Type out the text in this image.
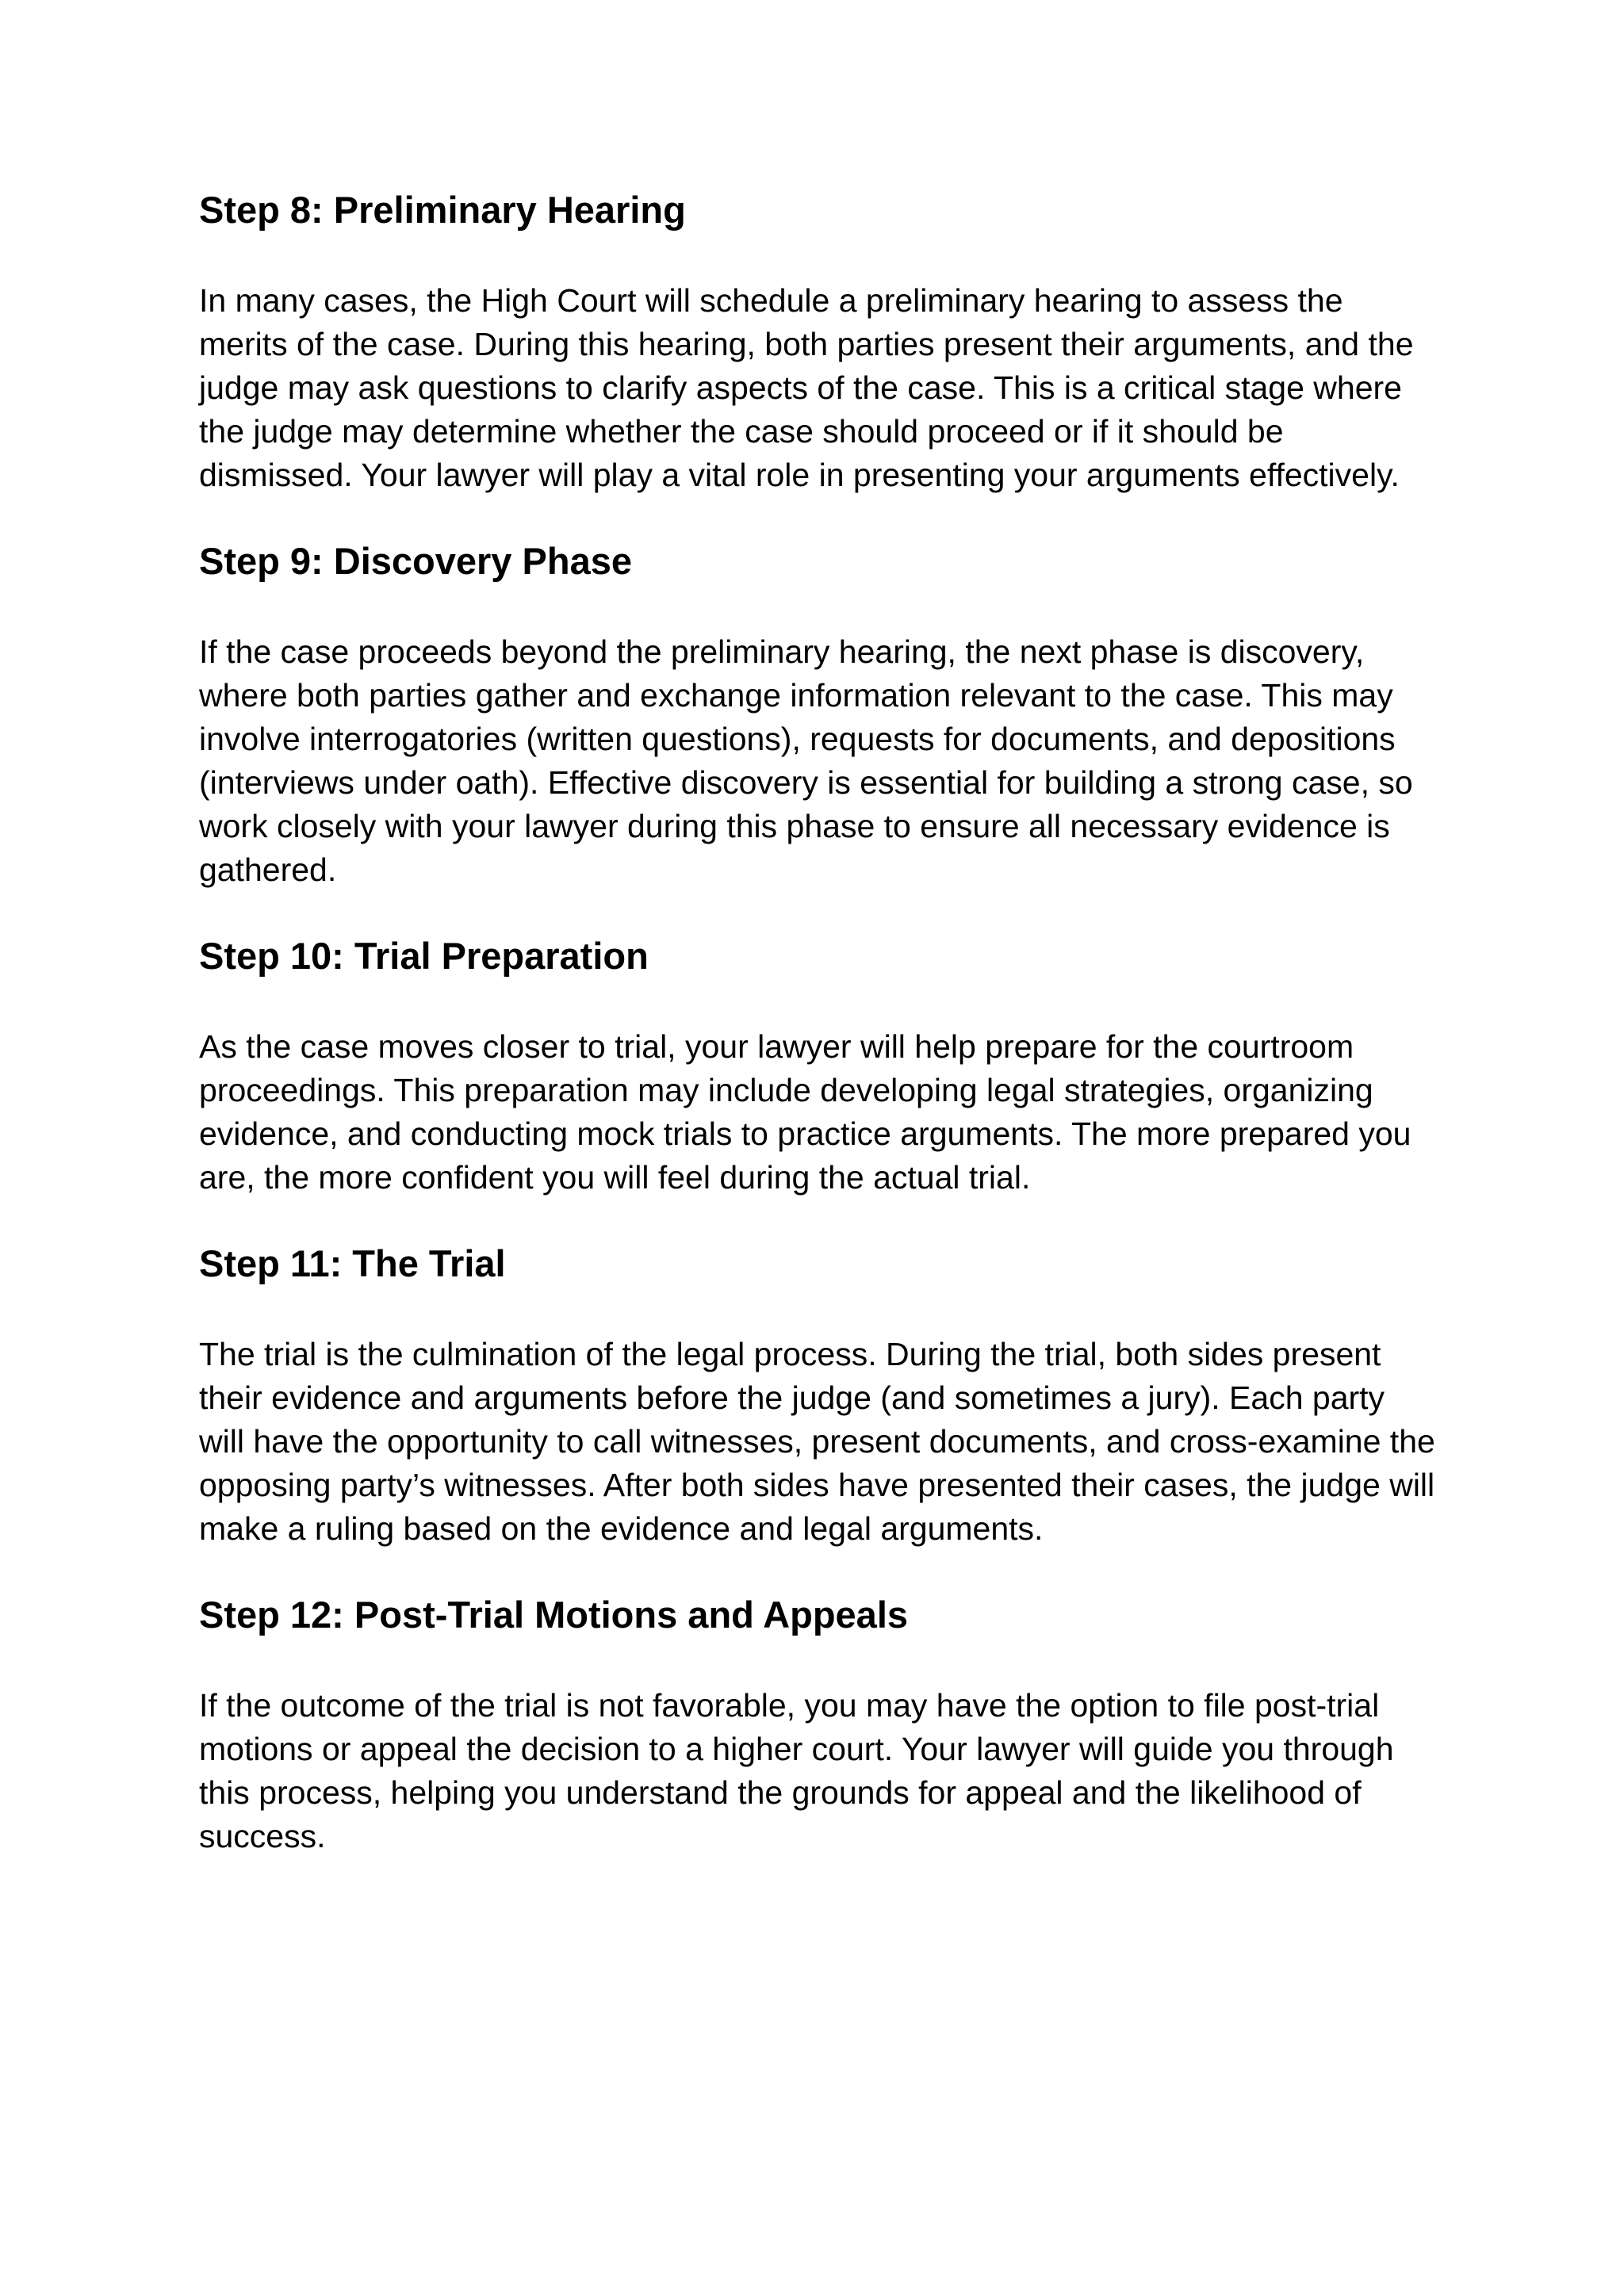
Step 8: Preliminary Hearing

In many cases, the High Court will schedule a preliminary hearing to assess the merits of the case. During this hearing, both parties present their arguments, and the judge may ask questions to clarify aspects of the case. This is a critical stage where the judge may determine whether the case should proceed or if it should be dismissed. Your lawyer will play a vital role in presenting your arguments effectively.

Step 9: Discovery Phase

If the case proceeds beyond the preliminary hearing, the next phase is discovery, where both parties gather and exchange information relevant to the case. This may involve interrogatories (written questions), requests for documents, and depositions (interviews under oath). Effective discovery is essential for building a strong case, so work closely with your lawyer during this phase to ensure all necessary evidence is gathered.

Step 10: Trial Preparation

As the case moves closer to trial, your lawyer will help prepare for the courtroom proceedings. This preparation may include developing legal strategies, organizing evidence, and conducting mock trials to practice arguments. The more prepared you are, the more confident you will feel during the actual trial.

Step 11: The Trial

The trial is the culmination of the legal process. During the trial, both sides present their evidence and arguments before the judge (and sometimes a jury). Each party will have the opportunity to call witnesses, present documents, and cross-examine the opposing party’s witnesses. After both sides have presented their cases, the judge will make a ruling based on the evidence and legal arguments.

Step 12: Post-Trial Motions and Appeals

If the outcome of the trial is not favorable, you may have the option to file post-trial motions or appeal the decision to a higher court. Your lawyer will guide you through this process, helping you understand the grounds for appeal and the likelihood of success.
